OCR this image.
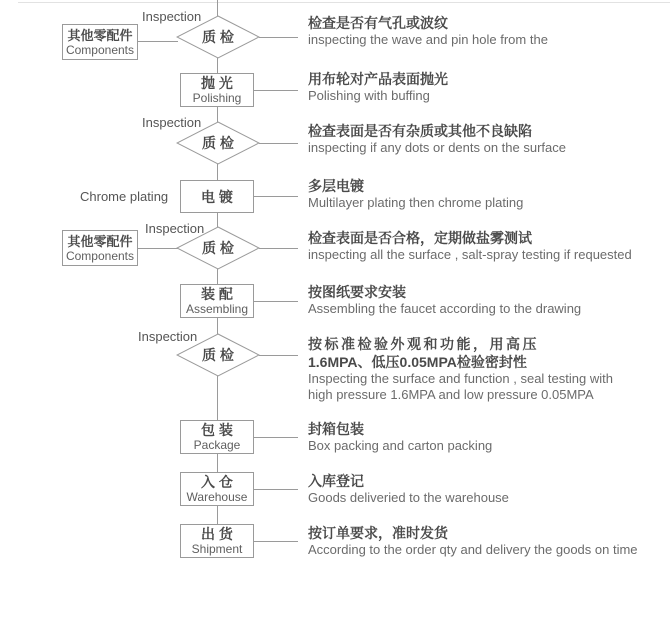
Inspection
其他零配件
Components
质 检
检查是否有气孔或波纹
inspecting the wave and pin hole from the
抛 光
Polishing
用布轮对产品表面抛光
Polishing with buffing
Inspection
质 检
检查表面是否有杂质或其他不良缺陷
inspecting if any dots or dents on the surface
Chrome plating 电 镀
多层电镀
Multilayer plating then chrome plating
Inspection
其他零配件
Components	质 检
检查表面是否合格，定期做盐雾测试
inspecting all the surface , salt-spray testing if requested
装 配
Assembling
按图纸要求安装
Assembling the faucet according to the drawing
Inspection
质 检
按标准检验外观和功能，用高压
1.6MPA、低压0.05MPA检验密封性
Inspecting the surface and function , seal testing with
high pressure 1.6MPA and low pressure 0.05MPA
包 装
Package
封箱包装
Box packing and carton packing
入 仓
Warehouse
入库登记
Goods deliveried to the warehouse
出 货
Shipment
按订单要求，准时发货
According to the order qty and delivery the goods on time
